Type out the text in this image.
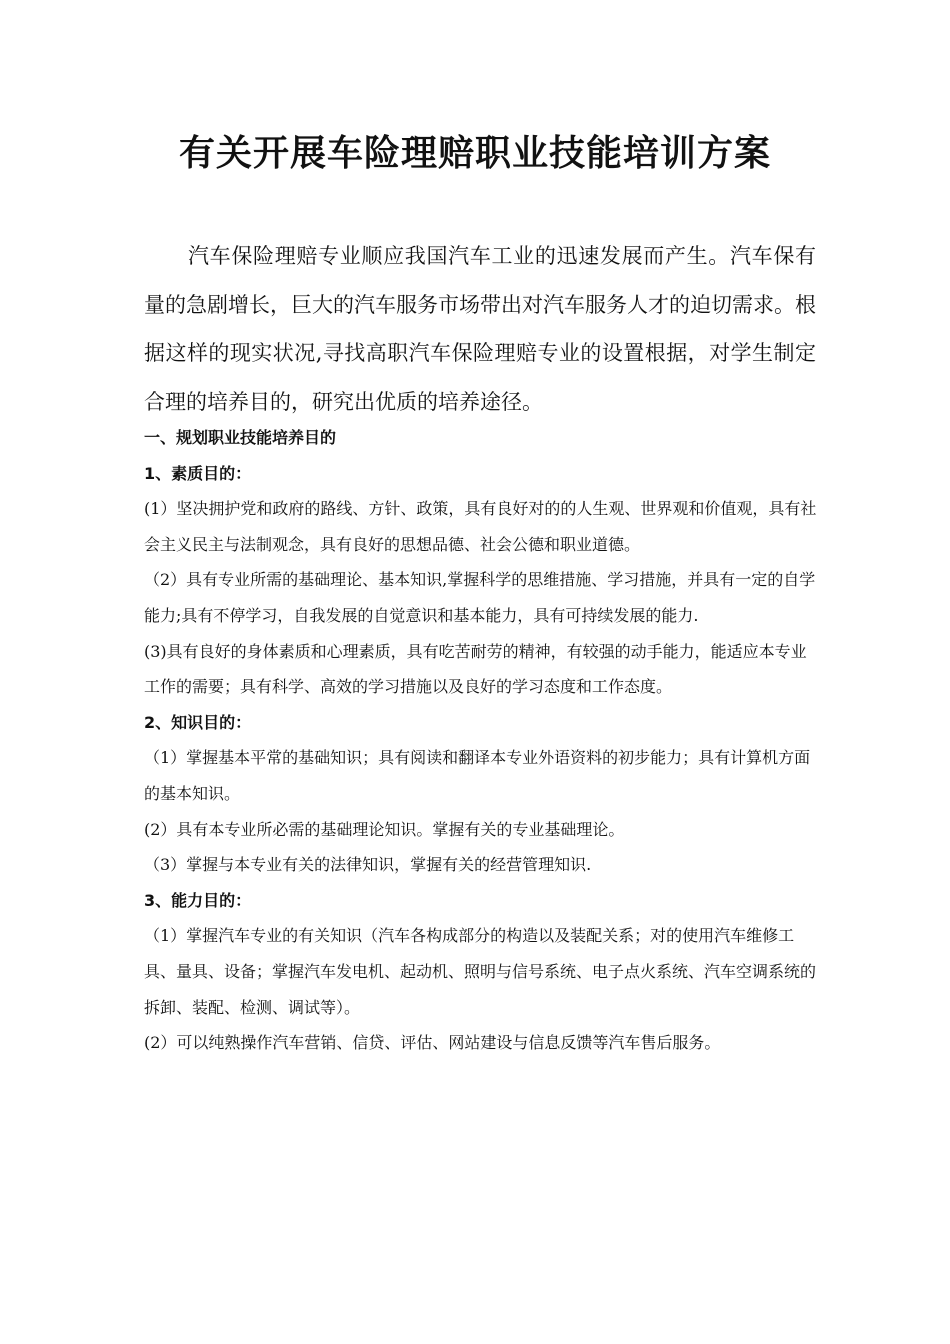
有关开展车险理赔职业技能培训方案

汽车保险理赔专业顺应我国汽车工业的迅速发展而产生。汽车保有量的急剧增长，巨大的汽车服务市场带出对汽车服务人才的迫切需求。根据这样的现实状况,寻找高职汽车保险理赔专业的设置根据，对学生制定合理的培养目的，研究出优质的培养途径。

一、规划职业技能培养目的

1、素质目的：

(1）坚决拥护党和政府的路线、方针、政策，具有良好对的的人生观、世界观和价值观，具有社会主义民主与法制观念，具有良好的思想品德、社会公德和职业道德。

（2）具有专业所需的基础理论、基本知识,掌握科学的思维措施、学习措施，并具有一定的自学能力;具有不停学习，自我发展的自觉意识和基本能力，具有可持续发展的能力.

(3)具有良好的身体素质和心理素质，具有吃苦耐劳的精神，有较强的动手能力，能适应本专业工作的需要；具有科学、高效的学习措施以及良好的学习态度和工作态度。

2、知识目的：

（1）掌握基本平常的基础知识；具有阅读和翻译本专业外语资料的初步能力；具有计算机方面的基本知识。

(2）具有本专业所必需的基础理论知识。掌握有关的专业基础理论。

（3）掌握与本专业有关的法律知识，掌握有关的经营管理知识.

3、能力目的：

（1）掌握汽车专业的有关知识（汽车各构成部分的构造以及装配关系；对的使用汽车维修工具、量具、设备；掌握汽车发电机、起动机、照明与信号系统、电子点火系统、汽车空调系统的拆卸、装配、检测、调试等）。

(2）可以纯熟操作汽车营销、信贷、评估、网站建设与信息反馈等汽车售后服务。
